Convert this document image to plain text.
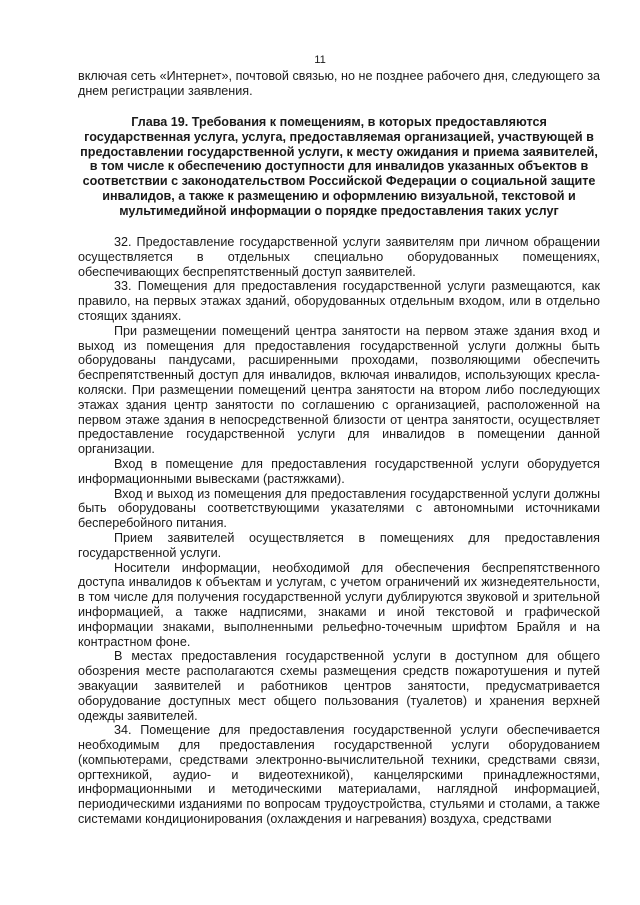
11

включая сеть «Интернет», почтовой связью, но не позднее рабочего дня, следующего за днем регистрации заявления.

Глава 19. Требования к помещениям, в которых предоставляются государственная услуга, услуга, предоставляемая организацией, участвующей в предоставлении государственной услуги, к месту ожидания и приема заявителей, в том числе к обеспечению доступности для инвалидов указанных объектов в соответствии с законодательством Российской Федерации о социальной защите инвалидов, а также к размещению и оформлению визуальной, текстовой и мультимедийной информации о порядке предоставления таких услуг

32. Предоставление государственной услуги заявителям при личном обращении осуществляется в отдельных специально оборудованных помещениях, обеспечивающих беспрепятственный доступ заявителей.

33. Помещения для предоставления государственной услуги размещаются, как правило, на первых этажах зданий, оборудованных отдельным входом, или в отдельно стоящих зданиях.

При размещении помещений центра занятости на первом этаже здания вход и выход из помещения для предоставления государственной услуги должны быть оборудованы пандусами, расширенными проходами, позволяющими обеспечить беспрепятственный доступ для инвалидов, включая инвалидов, использующих кресла-коляски. При размещении помещений центра занятости на втором либо последующих этажах здания центр занятости по соглашению с организацией, расположенной на первом этаже здания в непосредственной близости от центра занятости, осуществляет предоставление государственной услуги для инвалидов в помещении данной организации.

Вход в помещение для предоставления государственной услуги оборудуется информационными вывесками (растяжками).

Вход и выход из помещения для предоставления государственной услуги должны быть оборудованы соответствующими указателями с автономными источниками бесперебойного питания.

Прием заявителей осуществляется в помещениях для предоставления государственной услуги.

Носители информации, необходимой для обеспечения беспрепятственного доступа инвалидов к объектам и услугам, с учетом ограничений их жизнедеятельности, в том числе для получения государственной услуги дублируются звуковой и зрительной информацией, а также надписями, знаками и иной текстовой и графической информации знаками, выполненными рельефно-точечным шрифтом Брайля и на контрастном фоне.

В местах предоставления государственной услуги в доступном для общего обозрения месте располагаются схемы размещения средств пожаротушения и путей эвакуации заявителей и работников центров занятости, предусматривается оборудование доступных мест общего пользования (туалетов) и хранения верхней одежды заявителей.

34. Помещение для предоставления государственной услуги обеспечивается необходимым для предоставления государственной услуги оборудованием (компьютерами, средствами электронно-вычислительной техники, средствами связи, оргтехникой, аудио- и видеотехникой), канцелярскими принадлежностями, информационными и методическими материалами, наглядной информацией, периодическими изданиями по вопросам трудоустройства, стульями и столами, а также системами кондиционирования (охлаждения и нагревания) воздуха, средствами
